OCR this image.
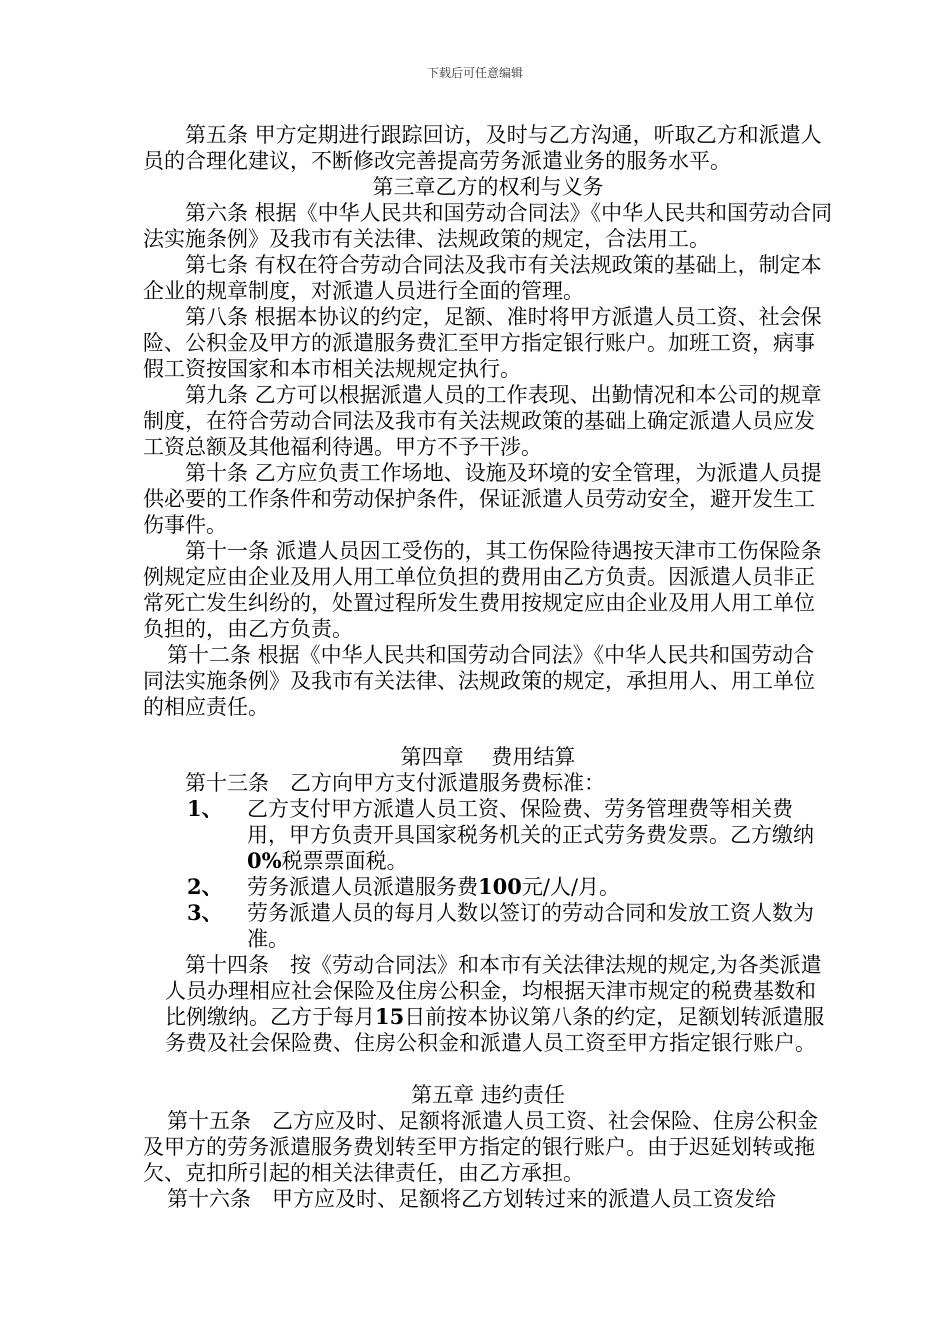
下载后可任意编辑

第五条 甲方定期进行跟踪回访，及时与乙方沟通，听取乙方和派遣人员的合理化建议，不断修改完善提高劳务派遣业务的服务水平。

第三章乙方的权利与义务

第六条 根据《中华人民共和国劳动合同法》《中华人民共和国劳动合同法实施条例》及我市有关法律、法规政策的规定，合法用工。

第七条 有权在符合劳动合同法及我市有关法规政策的基础上，制定本企业的规章制度，对派遣人员进行全面的管理。

第八条 根据本协议的约定，足额、准时将甲方派遣人员工资、社会保险、公积金及甲方的派遣服务费汇至甲方指定银行账户。加班工资，病事假工资按国家和本市相关法规规定执行。

第九条 乙方可以根据派遣人员的工作表现、出勤情况和本公司的规章制度，在符合劳动合同法及我市有关法规政策的基础上确定派遣人员应发工资总额及其他福利待遇。甲方不予干涉。

第十条 乙方应负责工作场地、设施及环境的安全管理，为派遣人员提供必要的工作条件和劳动保护条件，保证派遣人员劳动安全，避开发生工伤事件。

第十一条 派遣人员因工受伤的，其工伤保险待遇按天津市工伤保险条例规定应由企业及用人用工单位负担的费用由乙方负责。因派遣人员非正常死亡发生纠纷的，处置过程所发生费用按规定应由企业及用人用工单位负担的，由乙方负责。

第十二条 根据《中华人民共和国劳动合同法》《中华人民共和国劳动合同法实施条例》及我市有关法律、法规政策的规定，承担用人、用工单位的相应责任。

第四章　 费用结算

第十三条　乙方向甲方支付派遣服务费标准：

1、	乙方支付甲方派遣人员工资、保险费、劳务管理费等相关费用，甲方负责开具国家税务机关的正式劳务费发票。乙方缴纳0%税票票面税。
2、	劳务派遣人员派遣服务费100元/人/月。
3、	劳务派遣人员的每月人数以签订的劳动合同和发放工资人数为准。

第十四条　按《劳动合同法》和本市有关法律法规的规定,为各类派遣人员办理相应社会保险及住房公积金，均根据天津市规定的税费基数和比例缴纳。乙方于每月15日前按本协议第八条的约定，足额划转派遣服务费及社会保险费、住房公积金和派遣人员工资至甲方指定银行账户。

第五章 违约责任

第十五条　乙方应及时、足额将派遣人员工资、社会保险、住房公积金及甲方的劳务派遣服务费划转至甲方指定的银行账户。由于迟延划转或拖欠、克扣所引起的相关法律责任，由乙方承担。

第十六条　甲方应及时、足额将乙方划转过来的派遣人员工资发给
